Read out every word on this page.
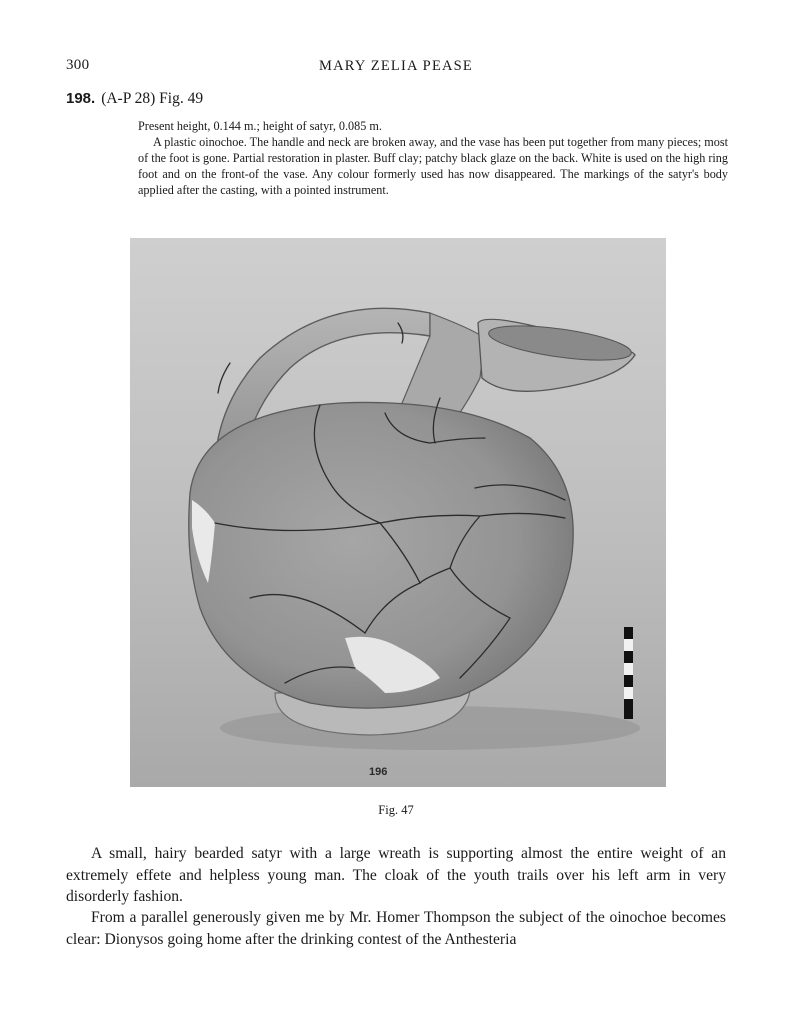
300	MARY ZELIA PEASE
198. (A-P 28) Fig. 49
Present height, 0.144 m.; height of satyr, 0.085 m.
A plastic oinochoe. The handle and neck are broken away, and the vase has been put together from many pieces; most of the foot is gone. Partial restoration in plaster. Buff clay; patchy black glaze on the back. White is used on the high ring foot and on the front-of the vase. Any colour formerly used has now disappeared. The markings of the satyr's body applied after the casting, with a pointed instrument.
196
Fig. 47
A small, hairy bearded satyr with a large wreath is supporting almost the entire weight of an extremely effete and helpless young man. The cloak of the youth trails over his left arm in very disorderly fashion.
From a parallel generously given me by Mr. Homer Thompson the subject of the oinochoe becomes clear: Dionysos going home after the drinking contest of the Anthesteria
